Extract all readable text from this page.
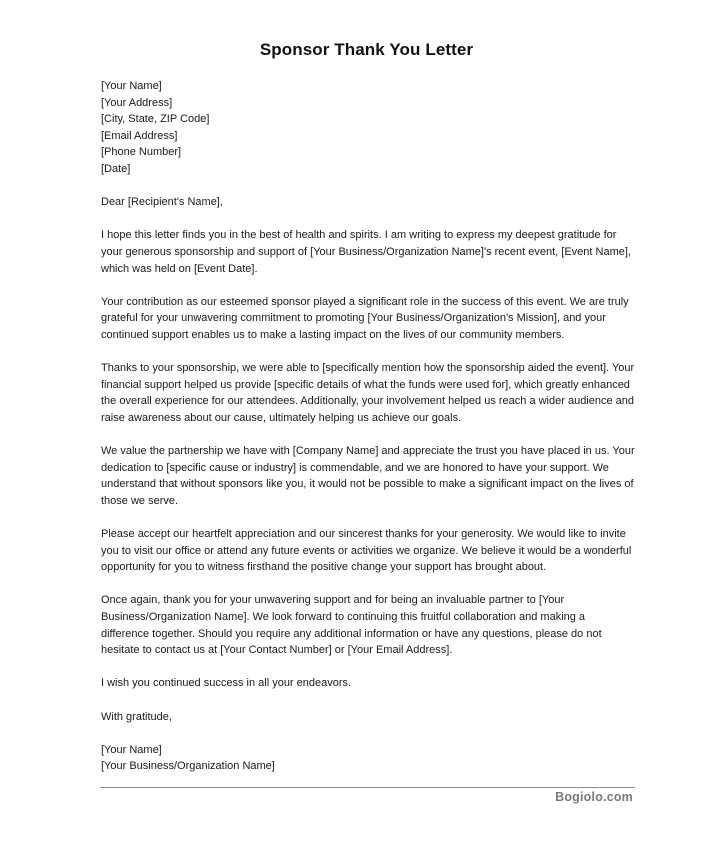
Sponsor Thank You Letter
[Your Name]
[Your Address]
[City, State, ZIP Code]
[Email Address]
[Phone Number]
[Date]
Dear [Recipient's Name],
I hope this letter finds you in the best of health and spirits. I am writing to express my deepest gratitude for
your generous sponsorship and support of [Your Business/Organization Name]'s recent event, [Event Name],
which was held on [Event Date].
Your contribution as our esteemed sponsor played a significant role in the success of this event. We are truly
grateful for your unwavering commitment to promoting [Your Business/Organization's Mission], and your
continued support enables us to make a lasting impact on the lives of our community members.
Thanks to your sponsorship, we were able to [specifically mention how the sponsorship aided the event]. Your
financial support helped us provide [specific details of what the funds were used for], which greatly enhanced
the overall experience for our attendees. Additionally, your involvement helped us reach a wider audience and
raise awareness about our cause, ultimately helping us achieve our goals.
We value the partnership we have with [Company Name] and appreciate the trust you have placed in us. Your
dedication to [specific cause or industry] is commendable, and we are honored to have your support. We
understand that without sponsors like you, it would not be possible to make a significant impact on the lives of
those we serve.
Please accept our heartfelt appreciation and our sincerest thanks for your generosity. We would like to invite
you to visit our office or attend any future events or activities we organize. We believe it would be a wonderful
opportunity for you to witness firsthand the positive change your support has brought about.
Once again, thank you for your unwavering support and for being an invaluable partner to [Your
Business/Organization Name]. We look forward to continuing this fruitful collaboration and making a
difference together. Should you require any additional information or have any questions, please do not
hesitate to contact us at [Your Contact Number] or [Your Email Address].
I wish you continued success in all your endeavors.
With gratitude,
[Your Name]
[Your Business/Organization Name]
Bogiolo.com
